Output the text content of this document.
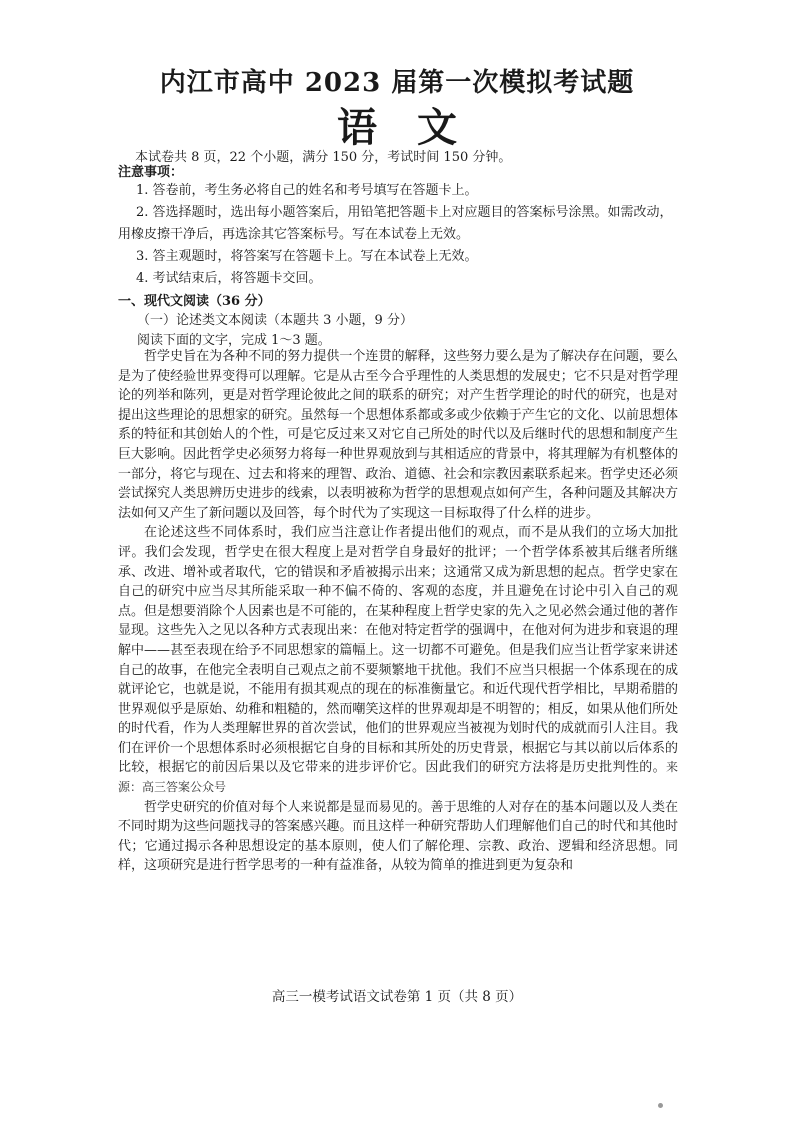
内江市高中 2023 届第一次模拟考试题
语文
本试卷共 8 页，22 个小题，满分 150 分，考试时间 150 分钟。
注意事项：

1. 答卷前，考生务必将自己的姓名和考号填写在答题卡上。

2. 答选择题时，选出每小题答案后，用铅笔把答题卡上对应题目的答案标号涂黑。如需改动，用橡皮擦干净后，再选涂其它答案标号。写在本试卷上无效。

3. 答主观题时，将答案写在答题卡上。写在本试卷上无效。

4. 考试结束后，将答题卡交回。

一、现代文阅读（36 分）
（一）论述类文本阅读（本题共 3 小题，9 分）
阅读下面的文字，完成 1～3 题。

哲学史旨在为各种不同的努力提供一个连贯的解释，这些努力要么是为了解决存在问题，要么是为了使经验世界变得可以理解。它是从古至今合乎理性的人类思想的发展史；它不只是对哲学理论的列举和陈列，更是对哲学理论彼此之间的联系的研究；对产生哲学理论的时代的研究，也是对提出这些理论的思想家的研究。虽然每一个思想体系都或多或少依赖于产生它的文化、以前思想体系的特征和其创始人的个性，可是它反过来又对它自己所处的时代以及后继时代的思想和制度产生巨大影响。因此哲学史必须努力将每一种世界观放到与其相适应的背景中，将其理解为有机整体的一部分，将它与现在、过去和将来的理智、政治、道德、社会和宗教因素联系起来。哲学史还必须尝试探究人类思辨历史进步的线索，以表明被称为哲学的思想观点如何产生，各种问题及其解决方法如何又产生了新问题以及回答，每个时代为了实现这一目标取得了什么样的进步。

在论述这些不同体系时，我们应当注意让作者提出他们的观点，而不是从我们的立场大加批评。我们会发现，哲学史在很大程度上是对哲学自身最好的批评；一个哲学体系被其后继者所继承、改进、增补或者取代，它的错误和矛盾被揭示出来；这通常又成为新思想的起点。哲学史家在自己的研究中应当尽其所能采取一种不偏不倚的、客观的态度，并且避免在讨论中引入自己的观点。但是想要消除个人因素也是不可能的，在某种程度上哲学史家的先入之见必然会通过他的著作显现。这些先入之见以各种方式表现出来：在他对特定哲学的强调中，在他对何为进步和衰退的理解中——甚至表现在给予不同思想家的篇幅上。这一切都不可避免。但是我们应当让哲学家来讲述自己的故事，在他完全表明自己观点之前不要频繁地干扰他。我们不应当只根据一个体系现在的成就评论它，也就是说，不能用有损其观点的现在的标准衡量它。和近代现代哲学相比，早期希腊的世界观似乎是原始、幼稚和粗糙的，然而嘲笑这样的世界观却是不明智的；相反，如果从他们所处的时代看，作为人类理解世界的首次尝试，他们的世界观应当被视为划时代的成就而引人注目。我们在评价一个思想体系时必须根据它自身的目标和其所处的历史背景，根据它与其以前以后体系的比较，根据它的前因后果以及它带来的进步评价它。因此我们的研究方法将是历史批判性的。来源：高三答案公众号

哲学史研究的价值对每个人来说都是显而易见的。善于思维的人对存在的基本问题以及人类在不同时期为这些问题找寻的答案感兴趣。而且这样一种研究帮助人们理解他们自己的时代和其他时代；它通过揭示各种思想设定的基本原则，使人们了解伦理、宗教、政治、逻辑和经济思想。同样，这项研究是进行哲学思考的一种有益准备，从较为简单的推进到更为复杂和

高三一模考试语文试卷第 1 页（共 8 页）
